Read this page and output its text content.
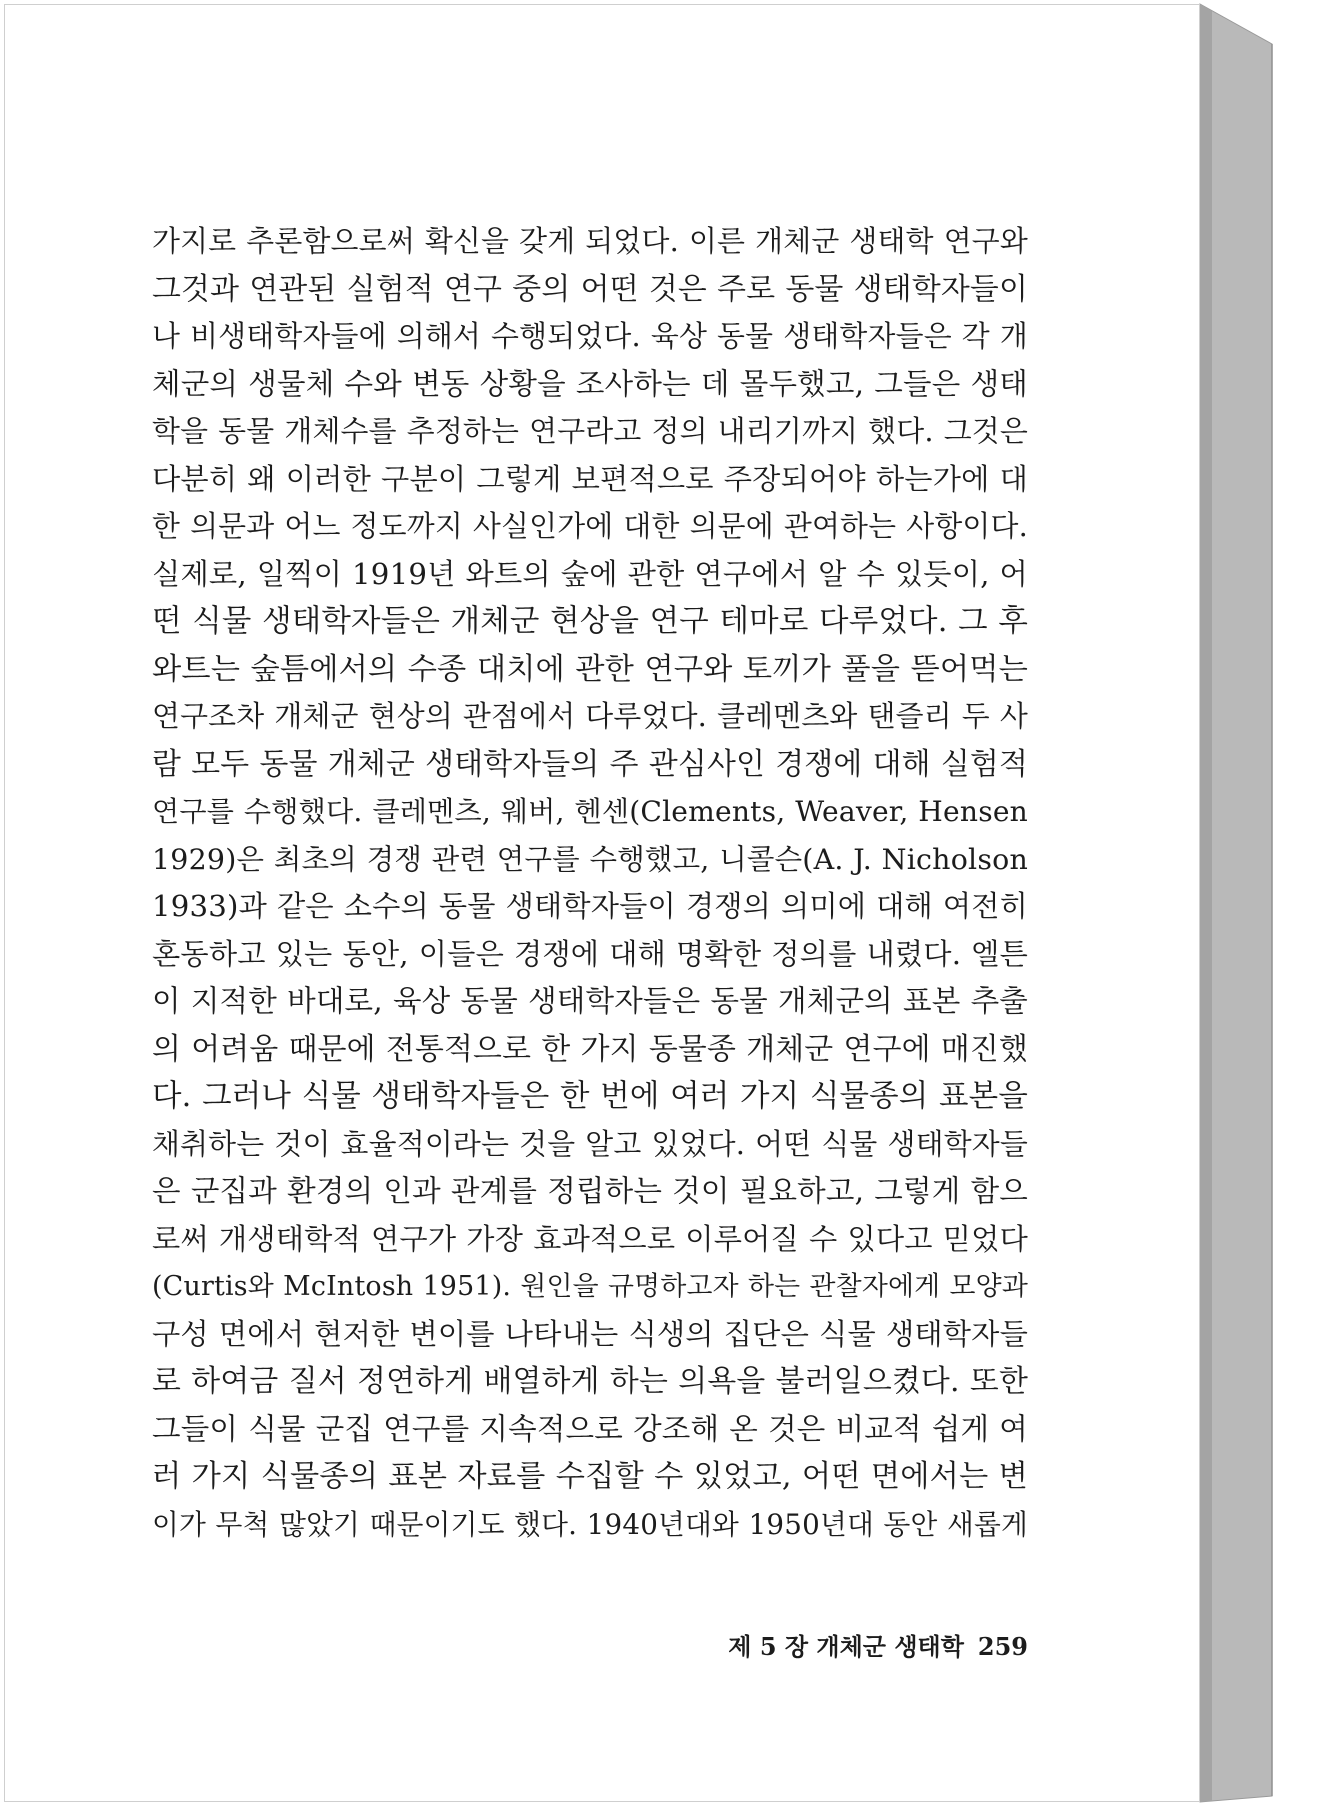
가지로 추론함으로써 확신을 갖게 되었다. 이른 개체군 생태학 연구와
그것과 연관된 실험적 연구 중의 어떤 것은 주로 동물 생태학자들이
나 비생태학자들에 의해서 수행되었다. 육상 동물 생태학자들은 각 개
체군의 생물체 수와 변동 상황을 조사하는 데 몰두했고, 그들은 생태
학을 동물 개체수를 추정하는 연구라고 정의 내리기까지 했다. 그것은
다분히 왜 이러한 구분이 그렇게 보편적으로 주장되어야 하는가에 대
한 의문과 어느 정도까지 사실인가에 대한 의문에 관여하는 사항이다.
실제로, 일찍이 1919년 와트의 숲에 관한 연구에서 알 수 있듯이, 어
떤 식물 생태학자들은 개체군 현상을 연구 테마로 다루었다. 그 후
와트는 숲틈에서의 수종 대치에 관한 연구와 토끼가 풀을 뜯어먹는
연구조차 개체군 현상의 관점에서 다루었다. 클레멘츠와 탠즐리 두 사
람 모두 동물 개체군 생태학자들의 주 관심사인 경쟁에 대해 실험적
연구를 수행했다. 클레멘츠, 웨버, 헨센(Clements, Weaver, Hensen
1929)은 최초의 경쟁 관련 연구를 수행했고, 니콜슨(A. J. Nicholson
1933)과 같은 소수의 동물 생태학자들이 경쟁의 의미에 대해 여전히
혼동하고 있는 동안, 이들은 경쟁에 대해 명확한 정의를 내렸다. 엘튼
이 지적한 바대로, 육상 동물 생태학자들은 동물 개체군의 표본 추출
의 어려움 때문에 전통적으로 한 가지 동물종 개체군 연구에 매진했
다. 그러나 식물 생태학자들은 한 번에 여러 가지 식물종의 표본을
채취하는 것이 효율적이라는 것을 알고 있었다. 어떤 식물 생태학자들
은 군집과 환경의 인과 관계를 정립하는 것이 필요하고, 그렇게 함으
로써 개생태학적 연구가 가장 효과적으로 이루어질 수 있다고 믿었다
(Curtis와 McIntosh 1951). 원인을 규명하고자 하는 관찰자에게 모양과
구성 면에서 현저한 변이를 나타내는 식생의 집단은 식물 생태학자들
로 하여금 질서 정연하게 배열하게 하는 의욕을 불러일으켰다. 또한
그들이 식물 군집 연구를 지속적으로 강조해 온 것은 비교적 쉽게 여
러 가지 식물종의 표본 자료를 수집할 수 있었고, 어떤 면에서는 변
이가 무척 많았기 때문이기도 했다. 1940년대와 1950년대 동안 새롭게
제 5 장 개체군 생태학 259
